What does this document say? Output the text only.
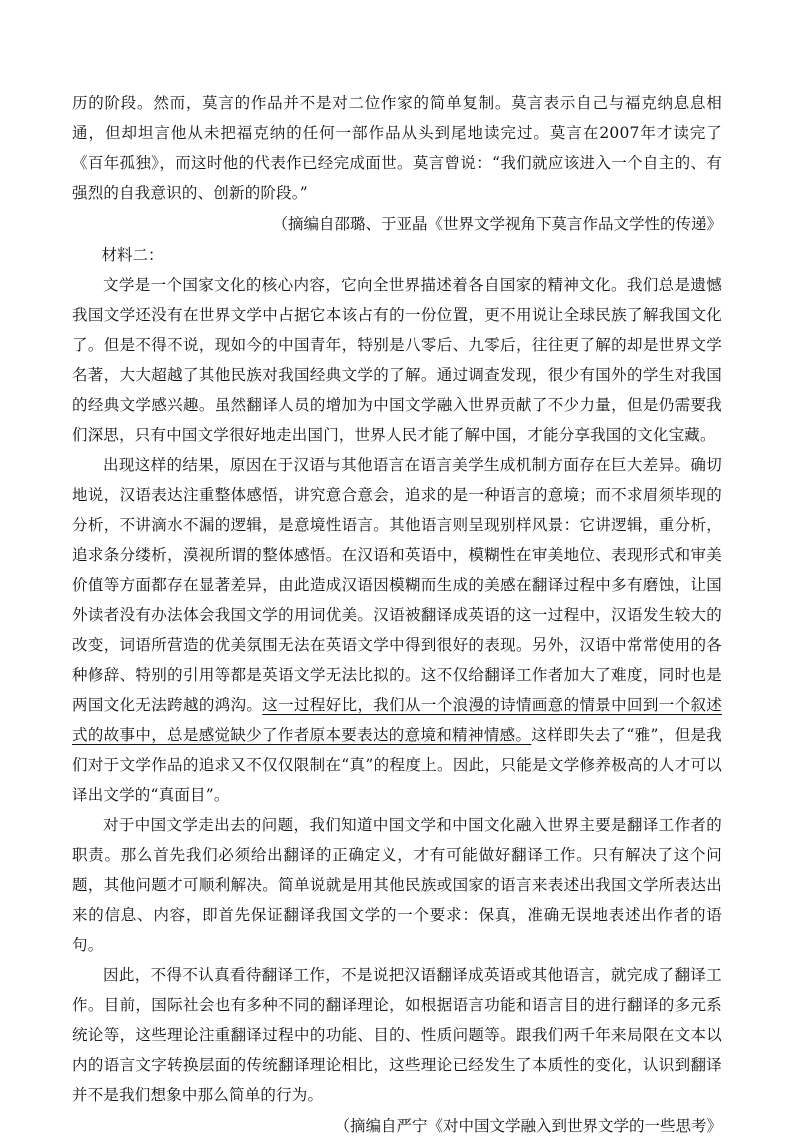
历的阶段。然而，莫言的作品并不是对二位作家的简单复制。莫言表示自己与福克纳息息相通，但却坦言他从未把福克纳的任何一部作品从头到尾地读完过。莫言在2007年才读完了《百年孤独》，而这时他的代表作已经完成面世。莫言曾说：“我们就应该进入一个自主的、有强烈的自我意识的、创新的阶段。”

（摘编自邵璐、于亚晶《世界文学视角下莫言作品文学性的传递》

材料二：

文学是一个国家文化的核心内容，它向全世界描述着各自国家的精神文化。我们总是遗憾我国文学还没有在世界文学中占据它本该占有的一份位置，更不用说让全球民族了解我国文化了。但是不得不说，现如今的中国青年，特别是八零后、九零后，往往更了解的却是世界文学名著，大大超越了其他民族对我国经典文学的了解。通过调查发现，很少有国外的学生对我国的经典文学感兴趣。虽然翻译人员的增加为中国文学融入世界贡献了不少力量，但是仍需要我们深思，只有中国文学很好地走出国门，世界人民才能了解中国，才能分享我国的文化宝藏。

出现这样的结果，原因在于汉语与其他语言在语言美学生成机制方面存在巨大差异。确切地说，汉语表达注重整体感悟，讲究意合意会，追求的是一种语言的意境；而不求眉须毕现的分析，不讲滴水不漏的逻辑，是意境性语言。其他语言则呈现别样风景：它讲逻辑，重分析，追求条分缕析，漠视所谓的整体感悟。在汉语和英语中，模糊性在审美地位、表现形式和审美价值等方面都存在显著差异，由此造成汉语因模糊而生成的美感在翻译过程中多有磨蚀，让国外读者没有办法体会我国文学的用词优美。汉语被翻译成英语的这一过程中，汉语发生较大的改变，词语所营造的优美氛围无法在英语文学中得到很好的表现。另外，汉语中常常使用的各种修辞、特别的引用等都是英语文学无法比拟的。这不仅给翻译工作者加大了难度，同时也是两国文化无法跨越的鸿沟。这一过程好比，我们从一个浪漫的诗情画意的情景中回到一个叙述式的故事中，总是感觉缺少了作者原本要表达的意境和精神情感。这样即失去了“雅”，但是我们对于文学作品的追求又不仅仅限制在“真”的程度上。因此，只能是文学修养极高的人才可以译出文学的“真面目”。

对于中国文学走出去的问题，我们知道中国文学和中国文化融入世界主要是翻译工作者的职责。那么首先我们必须给出翻译的正确定义，才有可能做好翻译工作。只有解决了这个问题，其他问题才可顺利解决。简单说就是用其他民族或国家的语言来表述出我国文学所表达出来的信息、内容，即首先保证翻译我国文学的一个要求：保真，准确无误地表述出作者的语句。

因此，不得不认真看待翻译工作，不是说把汉语翻译成英语或其他语言，就完成了翻译工作。目前，国际社会也有多种不同的翻译理论，如根据语言功能和语言目的进行翻译的多元系统论等，这些理论注重翻译过程中的功能、目的、性质问题等。跟我们两千年来局限在文本以内的语言文字转换层面的传统翻译理论相比，这些理论已经发生了本质性的变化，认识到翻译并不是我们想象中那么简单的行为。

（摘编自严宁《对中国文学融入到世界文学的一些思考》
